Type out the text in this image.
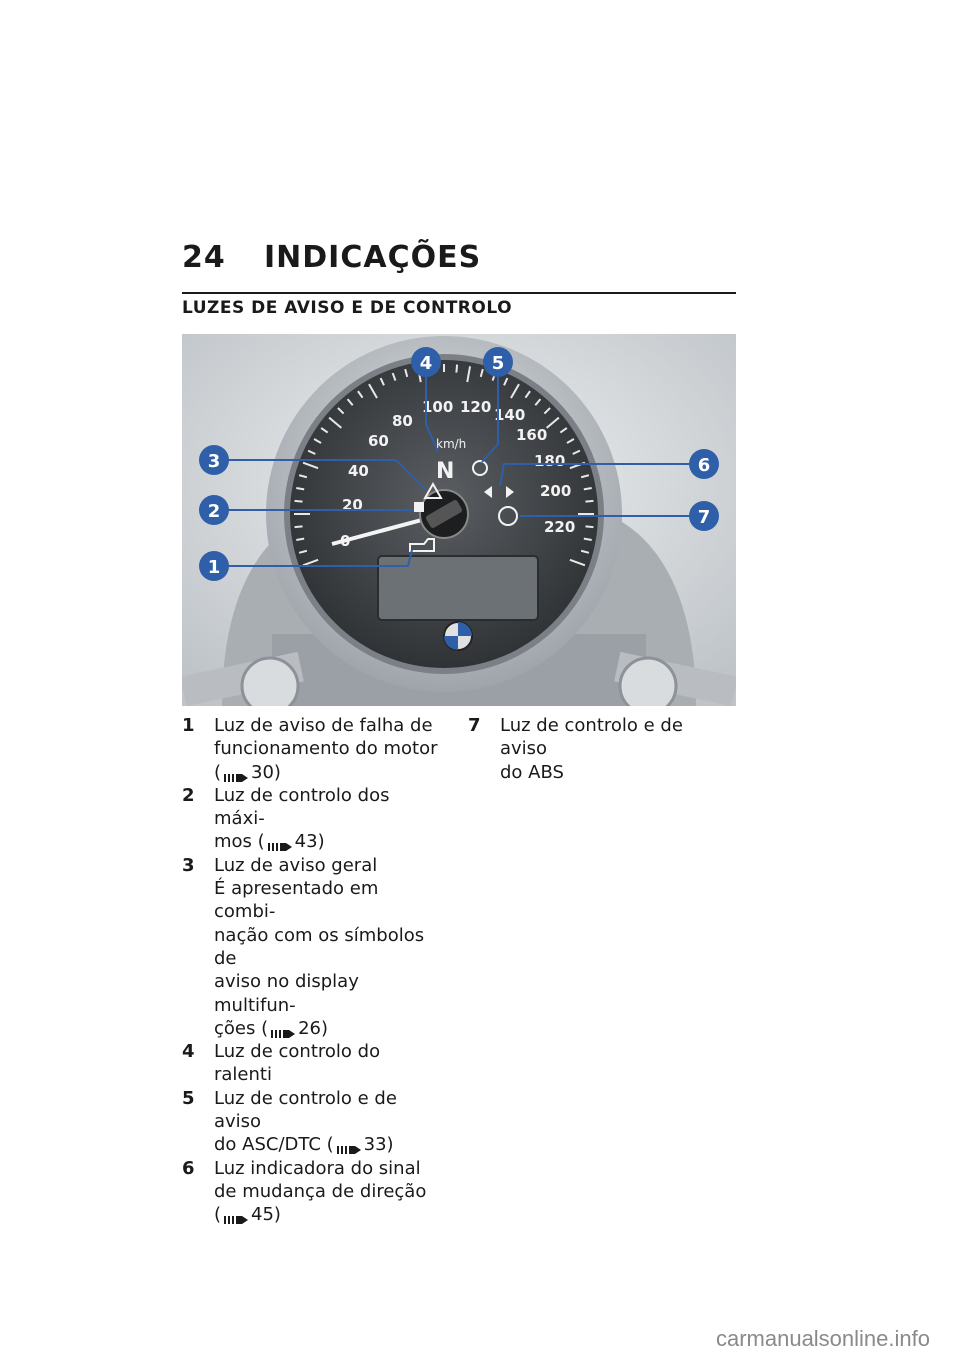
24 INDICAÇÕES
LUZES DE AVISO E DE CONTROLO
20
40
60
80
100 120 140
160
180
200
220
km/h
N
1
2
3
4	5
6
7
1 Luz de aviso de falha de
funcionamento do motor
( 30)
2 Luz de controlo dos máxi-
mos ( 43)
3 Luz de aviso geral
É apresentado em combi-
nação com os símbolos de
aviso no display multifun-
ções ( 26)
4 Luz de controlo do ralenti
5 Luz de controlo e de aviso
do ASC/DTC ( 33)
6 Luz indicadora do sinal
de mudança de direção
( 45)
7 Luz de controlo e de aviso
do ABS
carmanualsonline.info
